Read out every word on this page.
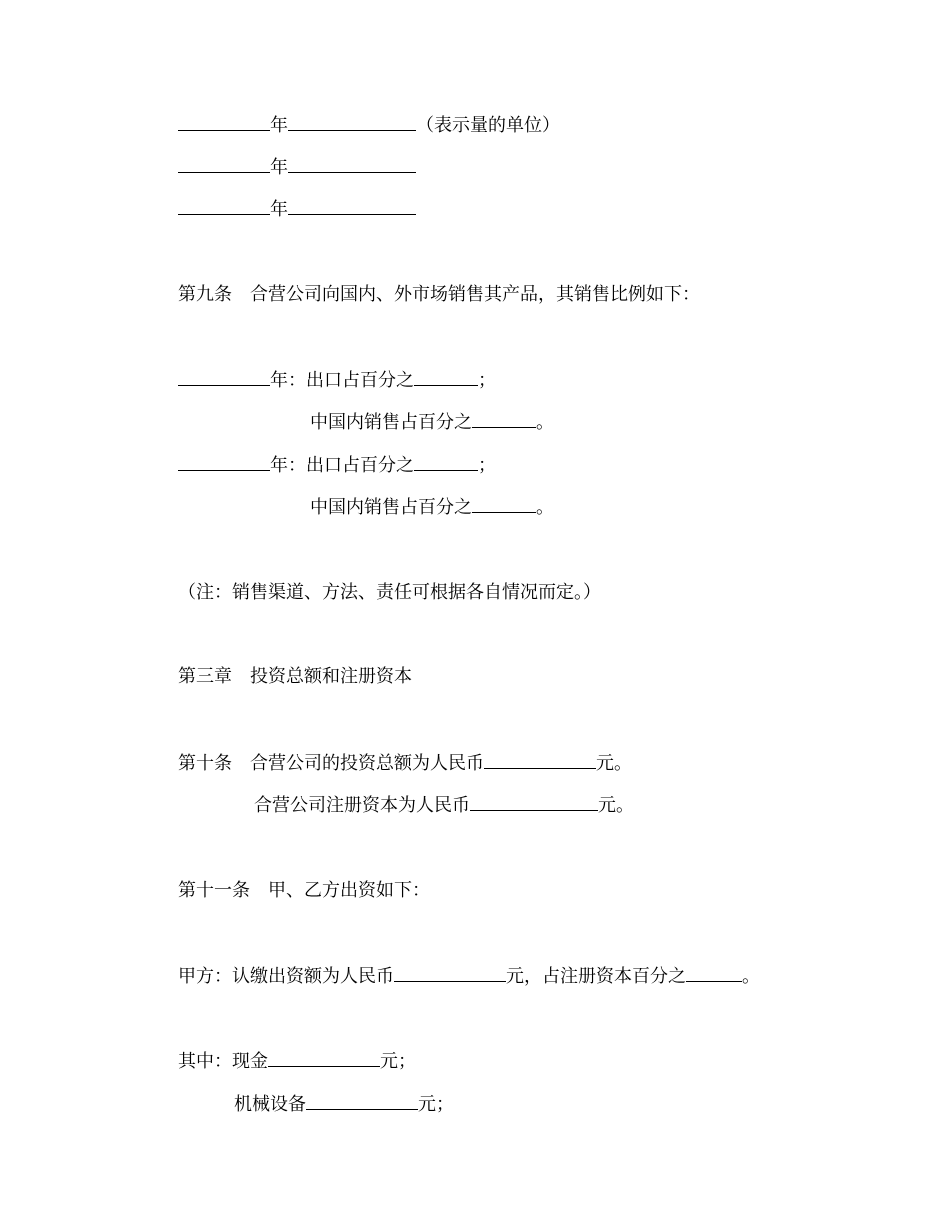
年	（表示量的单位）
年
年
第九条 合营公司向国内、外市场销售其产品，其销售比例如下：
年：出口占百分之	；
中国内销售占百分之	。
年：出口占百分之	；
中国内销售占百分之	。
（注：销售渠道、方法、责任可根据各自情况而定。）
第三章 投资总额和注册资本
第十条 合营公司的投资总额为人民币	元。
合营公司注册资本为人民币	元。
第十一条 甲、乙方出资如下：
甲方：认缴出资额为人民币	元，占注册资本百分之	。
其中：现金	元；
机械设备	元；
